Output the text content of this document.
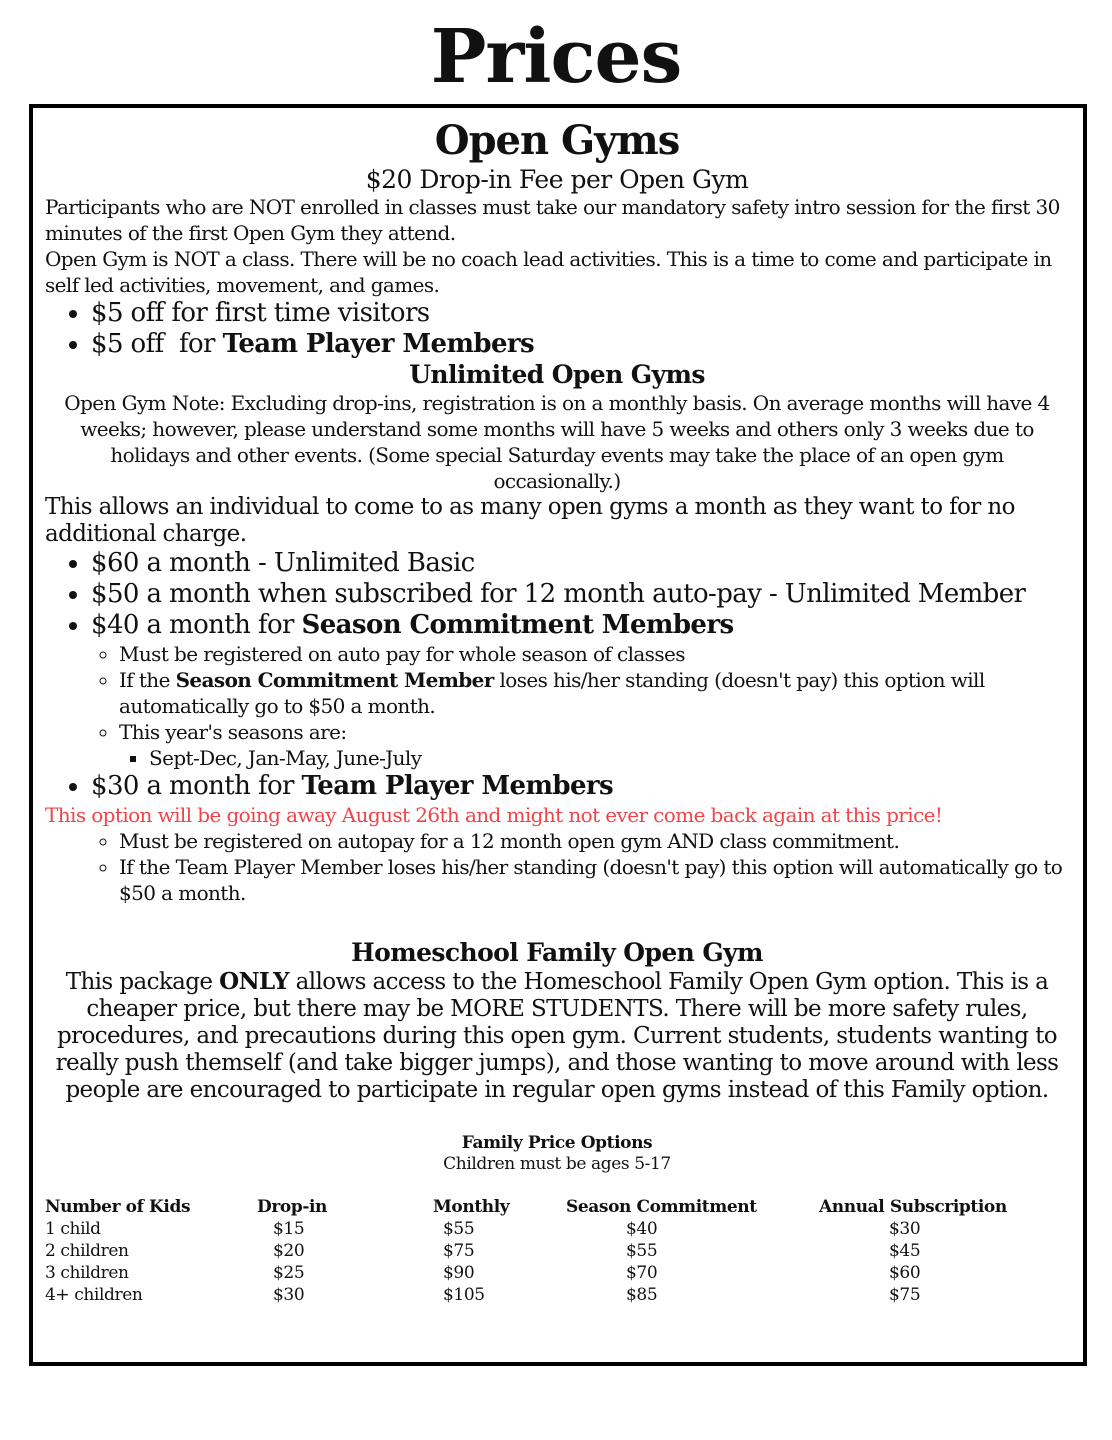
Prices
Open Gyms
$20 Drop-in Fee per Open Gym

Participants who are NOT enrolled in classes must take our mandatory safety intro session for the first 30 minutes of the first Open Gym they attend.

Open Gym is NOT a class. There will be no coach lead activities. This is a time to come and participate in self led activities, movement, and games.

• $5 off for first time visitors
• $5 off  for Team Player Members
Unlimited Open Gyms

Open Gym Note: Excluding drop-ins, registration is on a monthly basis. On average months will have 4 weeks; however, please understand some months will have 5 weeks and others only 3 weeks due to holidays and other events. (Some special Saturday events may take the place of an open gym occasionally.)

This allows an individual to come to as many open gyms a month as they want to for no additional charge.

• $60 a month - Unlimited Basic
• $50 a month when subscribed for 12 month auto-pay - Unlimited Member
• $40 a month for Season Commitment Members
◦ Must be registered on auto pay for whole season of classes
◦ If the Season Commitment Member loses his/her standing (doesn't pay) this option will automatically go to $50 a month.
◦ This year's seasons are:
▪ Sept-Dec, Jan-May, June-July
• $30 a month for Team Player Members
This option will be going away August 26th and might not ever come back again at this price!
◦ Must be registered on autopay for a 12 month open gym AND class commitment.
◦ If the Team Player Member loses his/her standing (doesn't pay) this option will automatically go to $50 a month.
Homeschool Family Open Gym

This package ONLY allows access to the Homeschool Family Open Gym option. This is a cheaper price, but there may be MORE STUDENTS. There will be more safety rules, procedures, and precautions during this open gym. Current students, students wanting to really push themself (and take bigger jumps), and those wanting to move around with less people are encouraged to participate in regular open gyms instead of this Family option.

Family Price Options
Children must be ages 5-17
Number of Kids	Drop-in	Monthly	Season Commitment	Annual Subscription
1 child	$15	$55	$40	$30
2 children	$20	$75	$55	$45
3 children	$25	$90	$70	$60
4+ children	$30	$105	$85	$75
